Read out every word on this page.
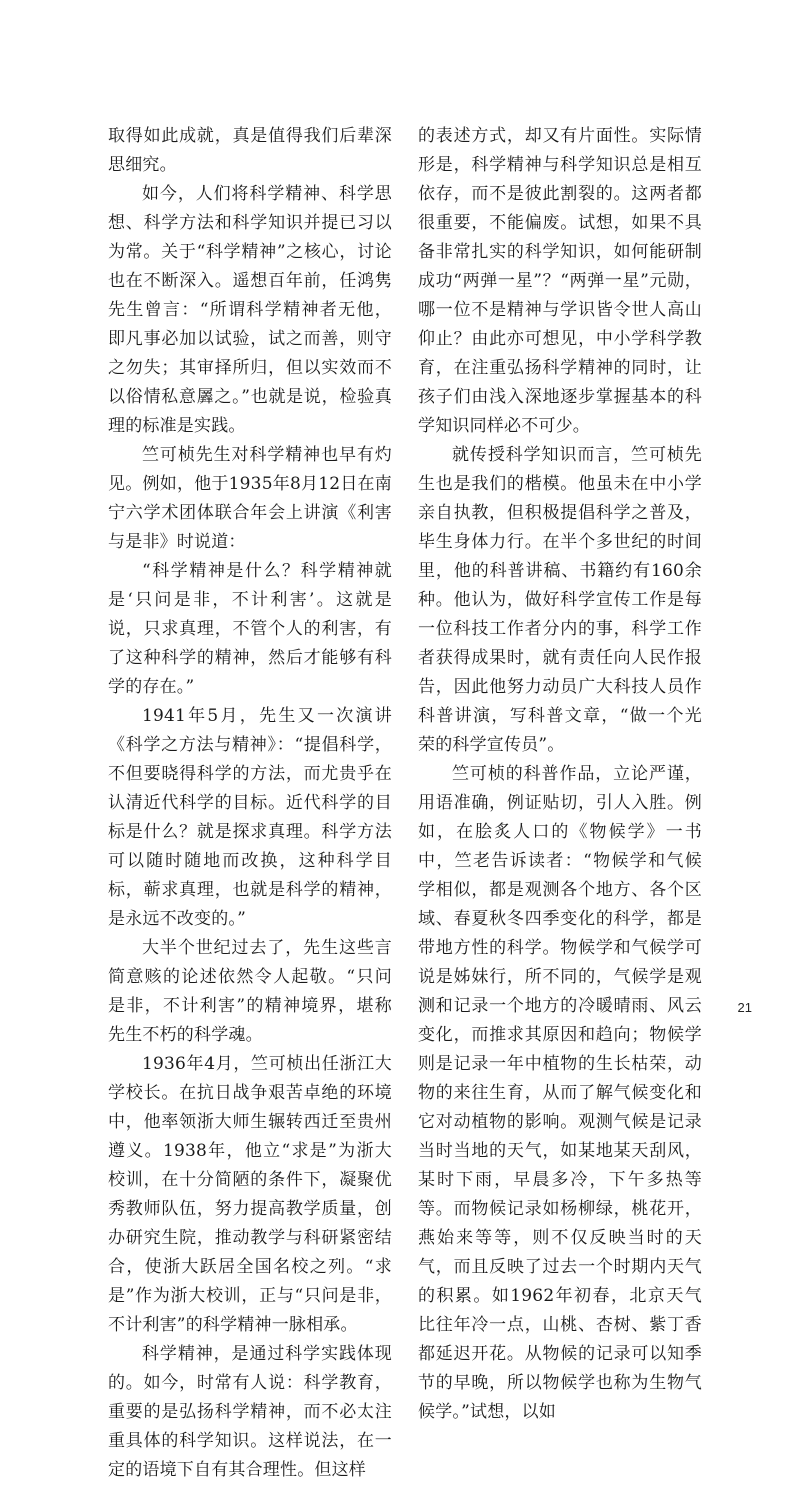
取得如此成就，真是值得我们后辈深思细究。

如今，人们将科学精神、科学思想、科学方法和科学知识并提已习以为常。关于“科学精神”之核心，讨论也在不断深入。遥想百年前，任鸿隽先生曾言：“所谓科学精神者无他，即凡事必加以试验，试之而善，则守之勿失；其审择所归，但以实效而不以俗情私意羼之。”也就是说，检验真理的标准是实践。

竺可桢先生对科学精神也早有灼见。例如，他于1935年8月12日在南宁六学术团体联合年会上讲演《利害与是非》时说道：

“科学精神是什么？科学精神就是‘只问是非，不计利害’。这就是说，只求真理，不管个人的利害，有了这种科学的精神，然后才能够有科学的存在。”

1941年5月，先生又一次演讲《科学之方法与精神》：“提倡科学，不但要晓得科学的方法，而尤贵乎在认清近代科学的目标。近代科学的目标是什么？就是探求真理。科学方法可以随时随地而改换，这种科学目标，蕲求真理，也就是科学的精神，是永远不改变的。”

大半个世纪过去了，先生这些言简意赅的论述依然令人起敬。“只问是非，不计利害”的精神境界，堪称先生不朽的科学魂。

1936年4月，竺可桢出任浙江大学校长。在抗日战争艰苦卓绝的环境中，他率领浙大师生辗转西迁至贵州遵义。1938年，他立“求是”为浙大校训，在十分简陋的条件下，凝聚优秀教师队伍，努力提高教学质量，创办研究生院，推动教学与科研紧密结合，使浙大跃居全国名校之列。“求是”作为浙大校训，正与“只问是非，不计利害”的科学精神一脉相承。

科学精神，是通过科学实践体现的。如今，时常有人说：科学教育，重要的是弘扬科学精神，而不必太注重具体的科学知识。这样说法，在一定的语境下自有其合理性。但这样

的表述方式，却又有片面性。实际情形是，科学精神与科学知识总是相互依存，而不是彼此割裂的。这两者都很重要，不能偏废。试想，如果不具备非常扎实的科学知识，如何能研制成功“两弹一星”？“两弹一星”元勋，哪一位不是精神与学识皆令世人高山仰止？由此亦可想见，中小学科学教育，在注重弘扬科学精神的同时，让孩子们由浅入深地逐步掌握基本的科学知识同样必不可少。

就传授科学知识而言，竺可桢先生也是我们的楷模。他虽未在中小学亲自执教，但积极提倡科学之普及，毕生身体力行。在半个多世纪的时间里，他的科普讲稿、书籍约有160余种。他认为，做好科学宣传工作是每一位科技工作者分内的事，科学工作者获得成果时，就有责任向人民作报告，因此他努力动员广大科技人员作科普讲演，写科普文章，“做一个光荣的科学宣传员”。

竺可桢的科普作品，立论严谨，用语准确，例证贴切，引人入胜。例如，在脍炙人口的《物候学》一书中，竺老告诉读者：“物候学和气候学相似，都是观测各个地方、各个区域、春夏秋冬四季变化的科学，都是带地方性的科学。物候学和气候学可说是姊妹行，所不同的，气候学是观测和记录一个地方的冷暖晴雨、风云变化，而推求其原因和趋向；物候学则是记录一年中植物的生长枯荣，动物的来往生育，从而了解气候变化和它对动植物的影响。观测气候是记录当时当地的天气，如某地某天刮风，某时下雨，早晨多冷，下午多热等等。而物候记录如杨柳绿，桃花开，燕始来等等，则不仅反映当时的天气，而且反映了过去一个时期内天气的积累。如1962年初春，北京天气比往年冷一点，山桃、杏树、紫丁香都延迟开花。从物候的记录可以知季节的早晚，所以物候学也称为生物气候学。”试想，以如

21
